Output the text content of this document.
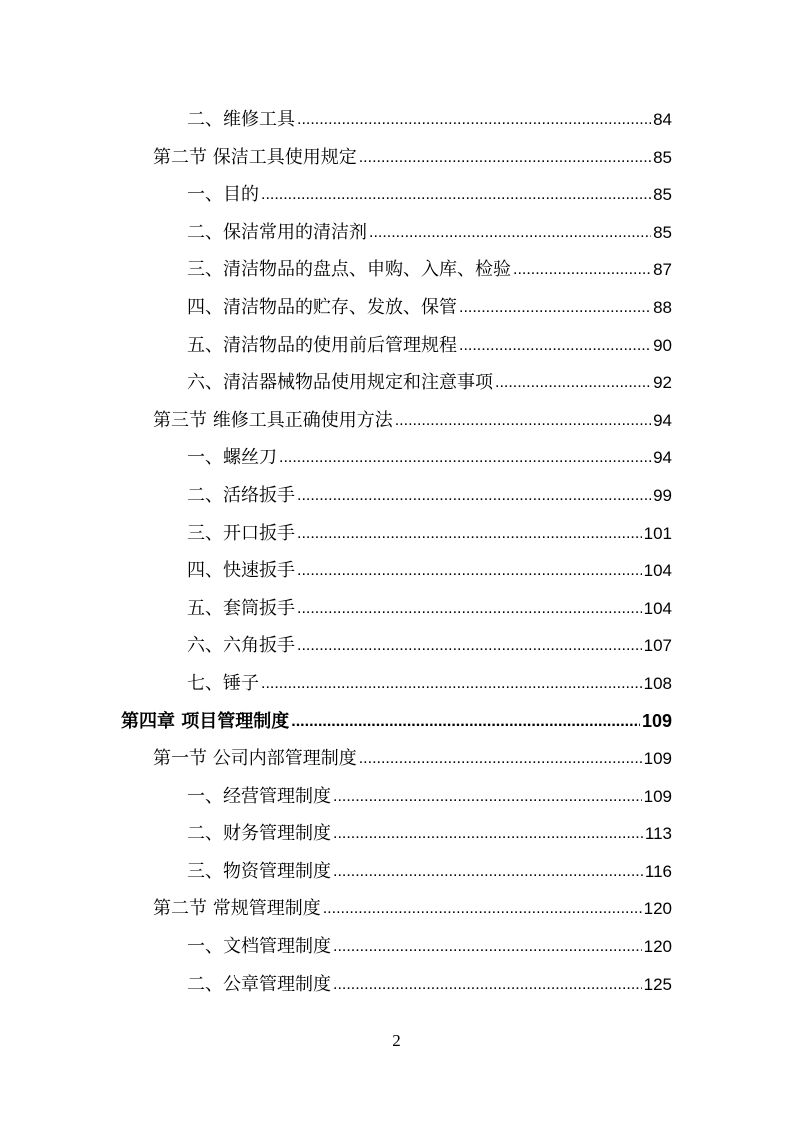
二、维修工具 .....	84
第二节 保洁工具使用规定 .....	85
一、目的 .....	85
二、保洁常用的清洁剂 .....	85
三、清洁物品的盘点、申购、入库、检验 .....	87
四、清洁物品的贮存、发放、保管 .....	88
五、清洁物品的使用前后管理规程 .....	90
六、清洁器械物品使用规定和注意事项 .....	92
第三节 维修工具正确使用方法 .....	94
一、螺丝刀 .....	94
二、活络扳手 .....	99
三、开口扳手 .....	101
四、快速扳手 .....	104
五、套筒扳手 .....	104
六、六角扳手 .....	107
七、锤子 .....	108
第四章 项目管理制度 .....	109
第一节 公司内部管理制度 .....	109
一、经营管理制度 .....	109
二、财务管理制度 .....	113
三、物资管理制度 .....	116
第二节 常规管理制度 .....	120
一、文档管理制度 .....	120
二、公章管理制度 .....	125
2
